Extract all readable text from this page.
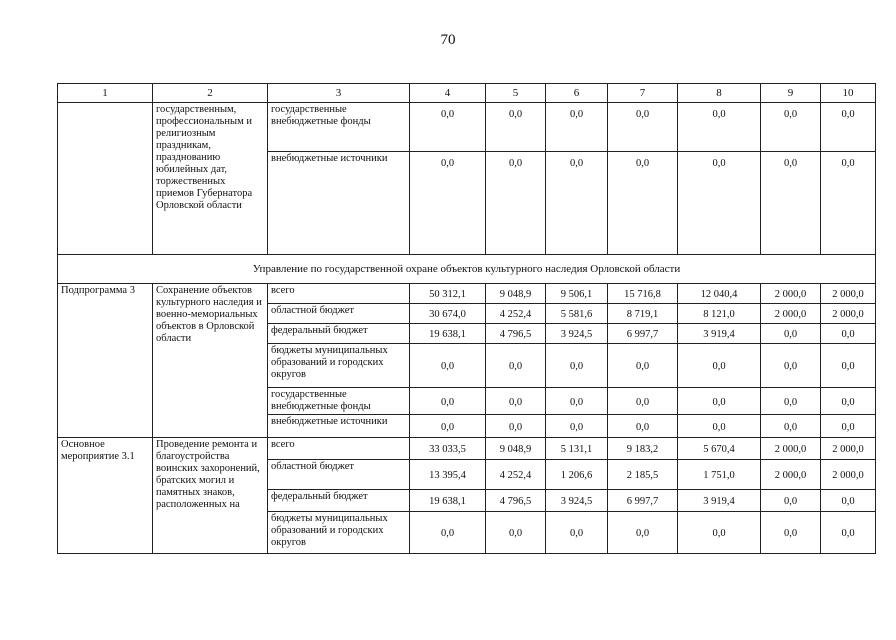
70
1	2	3	4	5	6	7	8	9	10
	государственным, профессиональным и религиозным праздникам, празднованию юбилейных дат, торжественных приемов Губернатора Орловской области	государственные внебюджетные фонды	0,0	0,0	0,0	0,0	0,0	0,0	0,0
		внебюджетные источники	0,0	0,0	0,0	0,0	0,0	0,0	0,0
Управление по государственной охране объектов культурного наследия Орловской области									
Подпрограмма 3	Сохранение объектов культурного наследия и военно-мемориальных объектов в Орловской области	всего	50 312,1	9 048,9	9 506,1	15 716,8	12 040,4	2 000,0	2 000,0
		областной бюджет	30 674,0	4 252,4	5 581,6	8 719,1	8 121,0	2 000,0	2 000,0
		федеральный бюджет	19 638,1	4 796,5	3 924,5	6 997,7	3 919,4	0,0	0,0
		бюджеты муниципальных образований и городских округов	0,0	0,0	0,0	0,0	0,0	0,0	0,0
		государственные внебюджетные фонды	0,0	0,0	0,0	0,0	0,0	0,0	0,0
		внебюджетные источники	0,0	0,0	0,0	0,0	0,0	0,0	0,0
Основное мероприятие 3.1	Проведение ремонта и благоустройства воинских захоронений, братских могил и памятных знаков, расположенных на	всего	33 033,5	9 048,9	5 131,1	9 183,2	5 670,4	2 000,0	2 000,0
		областной бюджет	13 395,4	4 252,4	1 206,6	2 185,5	1 751,0	2 000,0	2 000,0
		федеральный бюджет	19 638,1	4 796,5	3 924,5	6 997,7	3 919,4	0,0	0,0
		бюджеты муниципальных образований и городских округов	0,0	0,0	0,0	0,0	0,0	0,0	0,0
